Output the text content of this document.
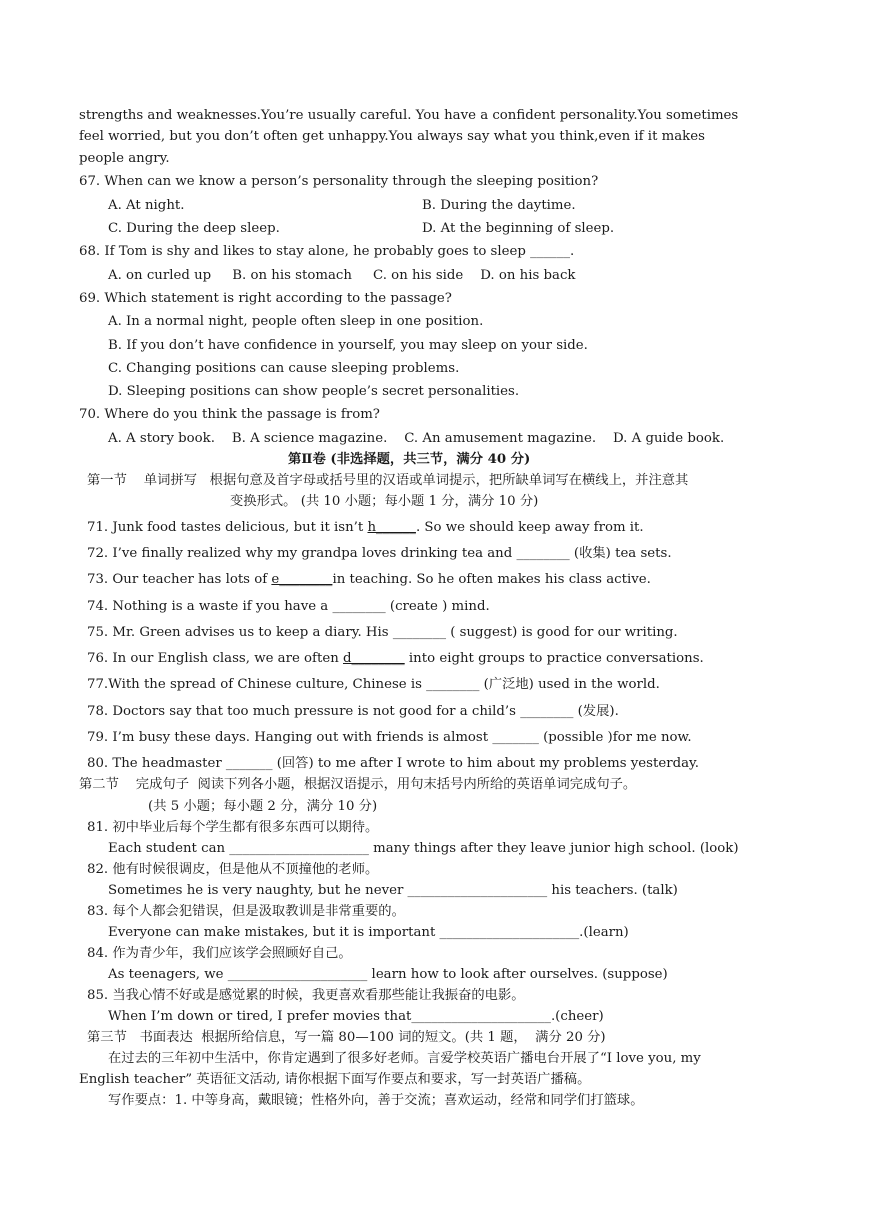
strengths and weaknesses.You’re usually careful. You have a confident personality.You sometimes
feel worried, but you don’t often get unhappy.You always say what you think,even if it makes
people angry.
67. When can we know a person’s personality through the sleeping position?
A. At night.	B. During the daytime.
C. During the deep sleep.	D. At the beginning of sleep.
68. If Tom is shy and likes to stay alone, he probably goes to sleep ______.
A. on curled up     B. on his stomach     C. on his side    D. on his back
69. Which statement is right according to the passage?
A. In a normal night, people often sleep in one position.
B. If you don’t have confidence in yourself, you may sleep on your side.
C. Changing positions can cause sleeping problems.
D. Sleeping positions can show people’s secret personalities.
70. Where do you think the passage is from?
A. A story book.    B. A science magazine.    C. An amusement magazine.    D. A guide book.
第Ⅱ卷 (非选择题，共三节，满分 40 分)
第一节    单词拼写   根据句意及首字母或括号里的汉语或单词提示，把所缺单词写在横线上，并注意其
变换形式。 (共 10 小题；每小题 1 分，满分 10 分)
71. Junk food tastes delicious, but it isn’t h______. So we should keep away from it.
72. I’ve finally realized why my grandpa loves drinking tea and ________ (收集) tea sets.
73. Our teacher has lots of e________in teaching. So he often makes his class active.
74. Nothing is a waste if you have a ________ (create ) mind.
75. Mr. Green advises us to keep a diary. His ________ ( suggest) is good for our writing.
76. In our English class, we are often d________ into eight groups to practice conversations.
77.With the spread of Chinese culture, Chinese is ________ (广泛地) used in the world.
78. Doctors say that too much pressure is not good for a child’s ________ (发展).
79. I’m busy these days. Hanging out with friends is almost _______ (possible )for me now.
80. The headmaster _______ (回答) to me after I wrote to him about my problems yesterday.
第二节    完成句子  阅读下列各小题，根据汉语提示，用句末括号内所给的英语单词完成句子。
(共 5 小题；每小题 2 分，满分 10 分)
81. 初中毕业后每个学生都有很多东西可以期待。
Each student can _____________________ many things after they leave junior high school. (look)
82. 他有时候很调皮，但是他从不顶撞他的老师。
Sometimes he is very naughty, but he never _____________________ his teachers. (talk)
83. 每个人都会犯错误，但是汲取教训是非常重要的。
Everyone can make mistakes, but it is important _____________________.(learn)
84. 作为青少年，我们应该学会照顾好自己。
As teenagers, we _____________________ learn how to look after ourselves. (suppose)
85. 当我心情不好或是感觉累的时候，我更喜欢看那些能让我振奋的电影。
When I’m down or tired, I prefer movies that_____________________.(cheer)
第三节   书面表达  根据所给信息，写一篇 80—100 词的短文。(共 1 题，  满分 20 分)
在过去的三年初中生活中，你肯定遇到了很多好老师。言爱学校英语广播电台开展了“I love you, my
English teacher” 英语征文活动, 请你根据下面写作要点和要求，写一封英语广播稿。
写作要点：1. 中等身高，戴眼镜；性格外向，善于交流；喜欢运动，经常和同学们打篮球。
